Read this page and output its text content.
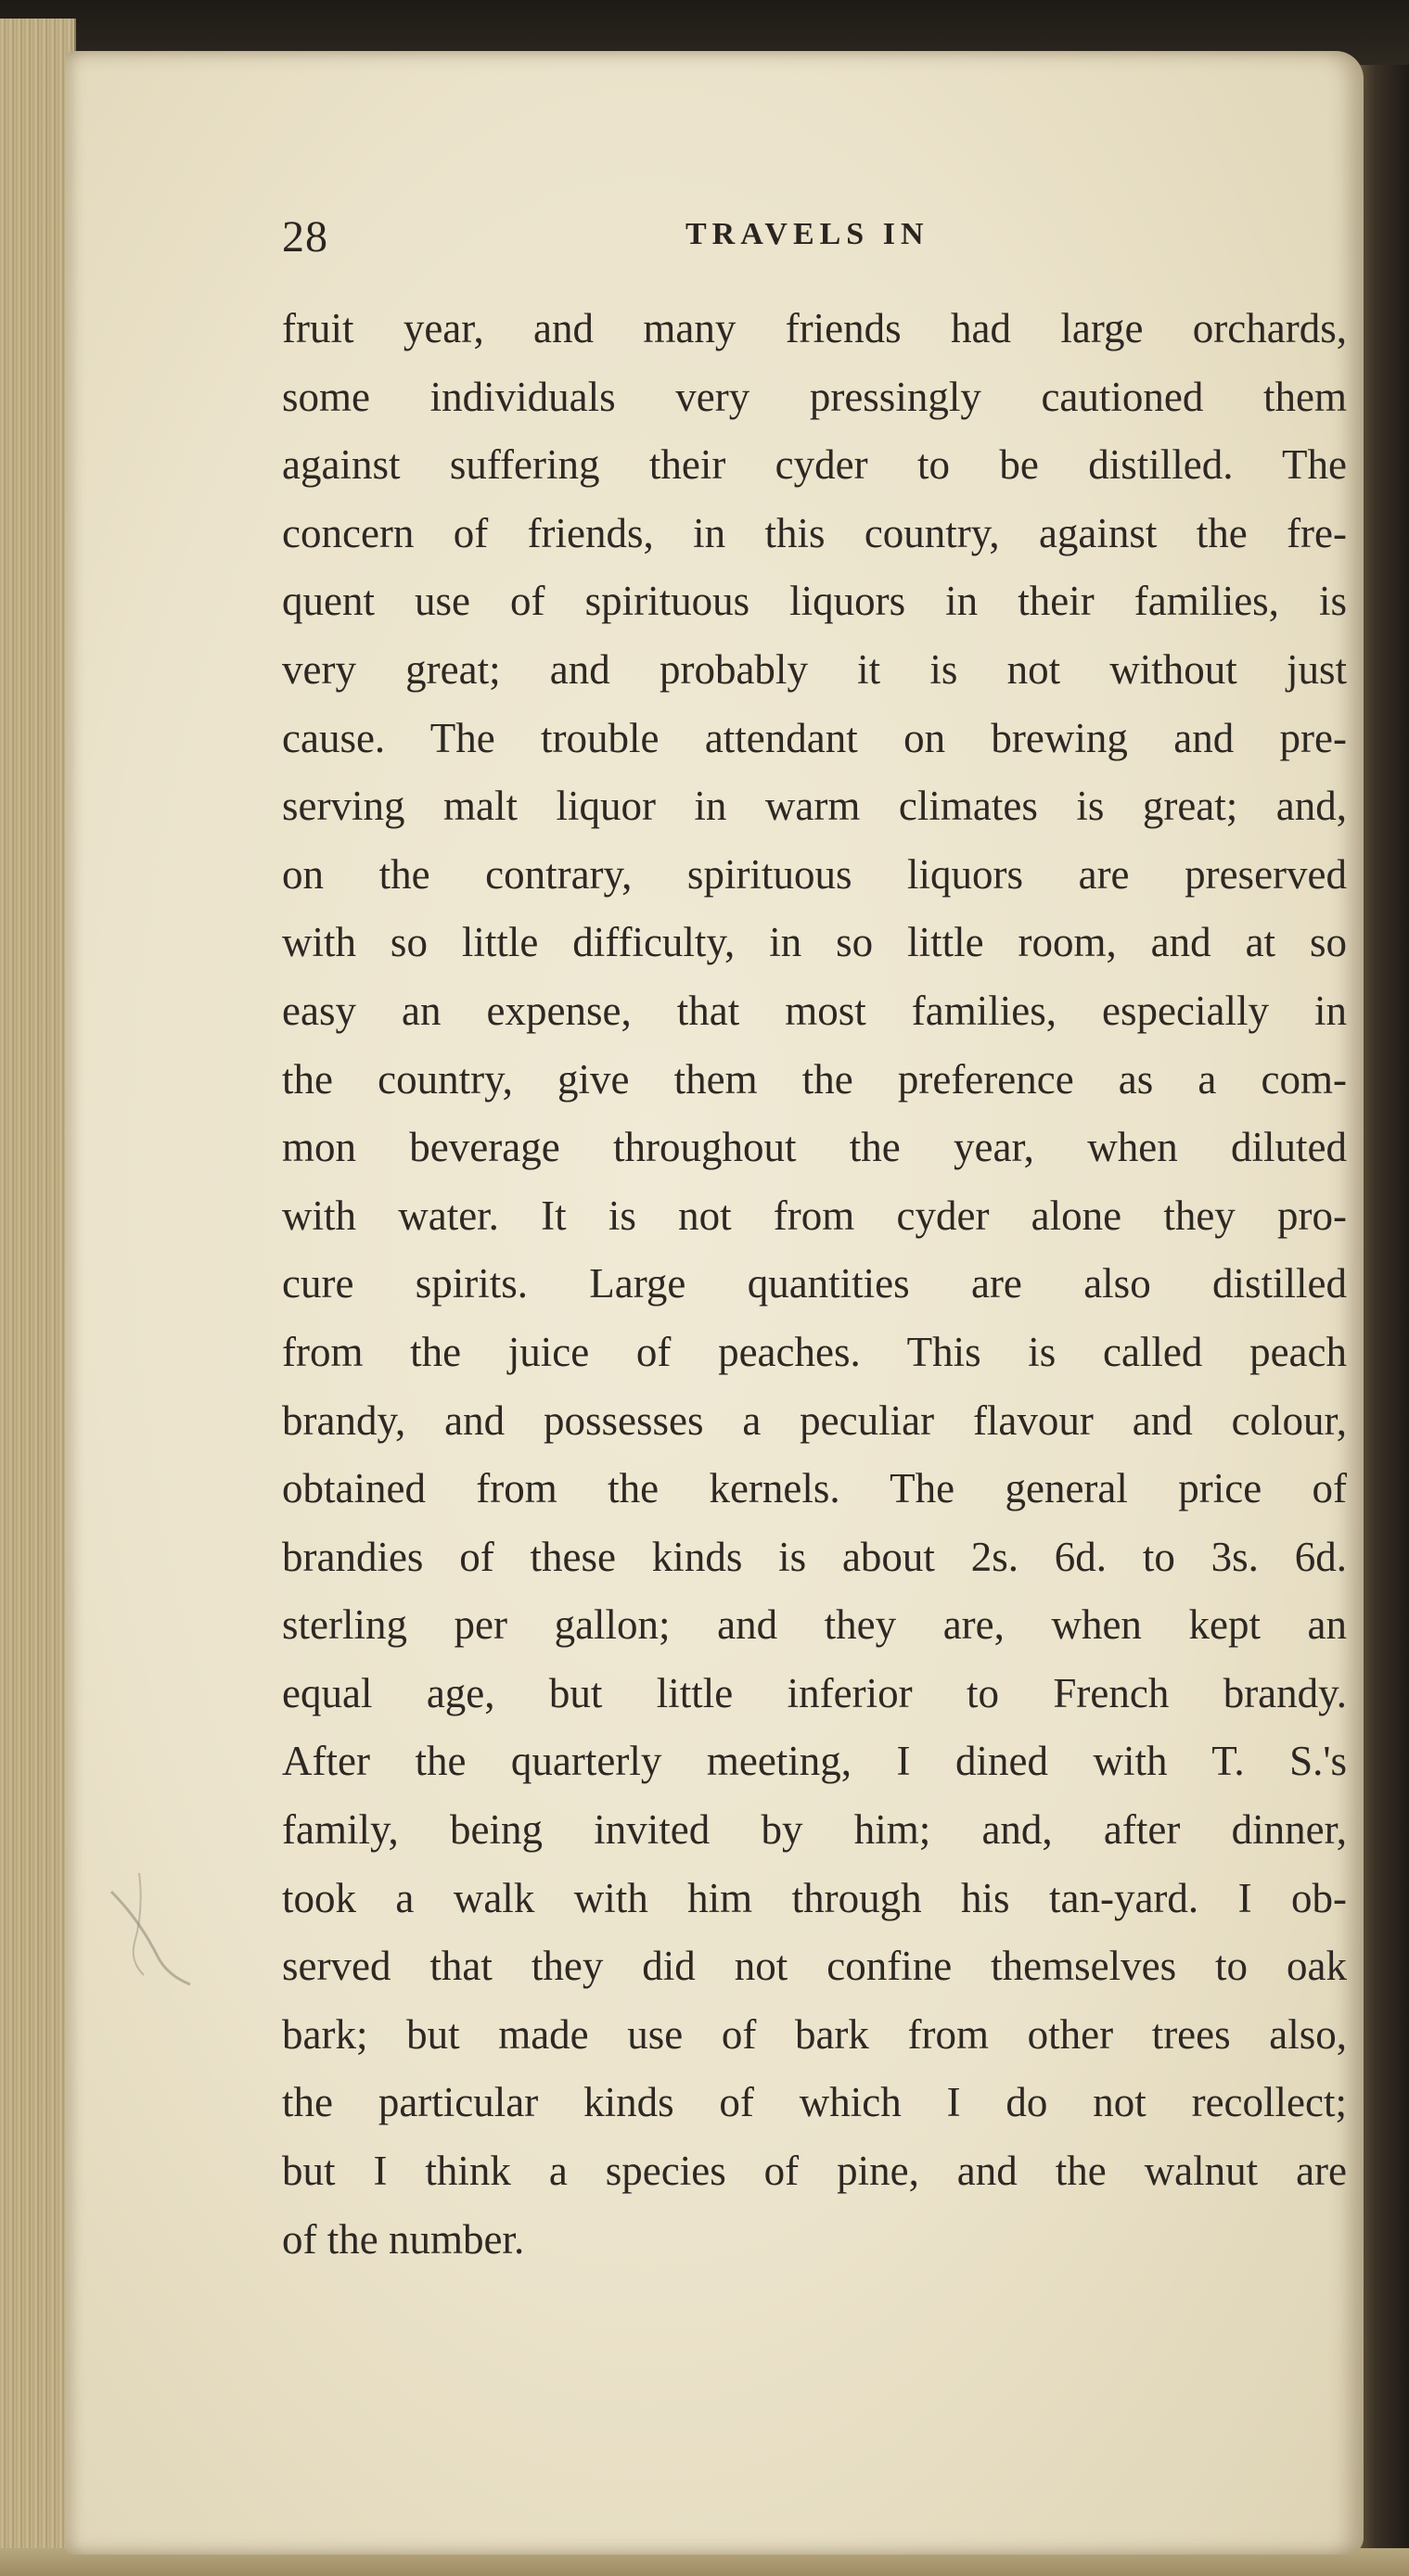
28	TRAVELS IN
fruit year, and many friends had large orchards,
some individuals very pressingly cautioned them
against suffering their cyder to be distilled. The
concern of friends, in this country, against the fre-
quent use of spirituous liquors in their families, is
very great; and probably it is not without just
cause. The trouble attendant on brewing and pre-
serving malt liquor in warm climates is great; and,
on the contrary, spirituous liquors are preserved
with so little difficulty, in so little room, and at so
easy an expense, that most families, especially in
the country, give them the preference as a com-
mon beverage throughout the year, when diluted
with water. It is not from cyder alone they pro-
cure spirits. Large quantities are also distilled
from the juice of peaches. This is called peach
brandy, and possesses a peculiar flavour and colour,
obtained from the kernels. The general price of
brandies of these kinds is about 2s. 6d. to 3s. 6d.
sterling per gallon; and they are, when kept an
equal age, but little inferior to French brandy.
After the quarterly meeting, I dined with T. S.'s
family, being invited by him; and, after dinner,
took a walk with him through his tan-yard. I ob-
served that they did not confine themselves to oak
bark; but made use of bark from other trees also,
the particular kinds of which I do not recollect;
but I think a species of pine, and the walnut are
of the number.
